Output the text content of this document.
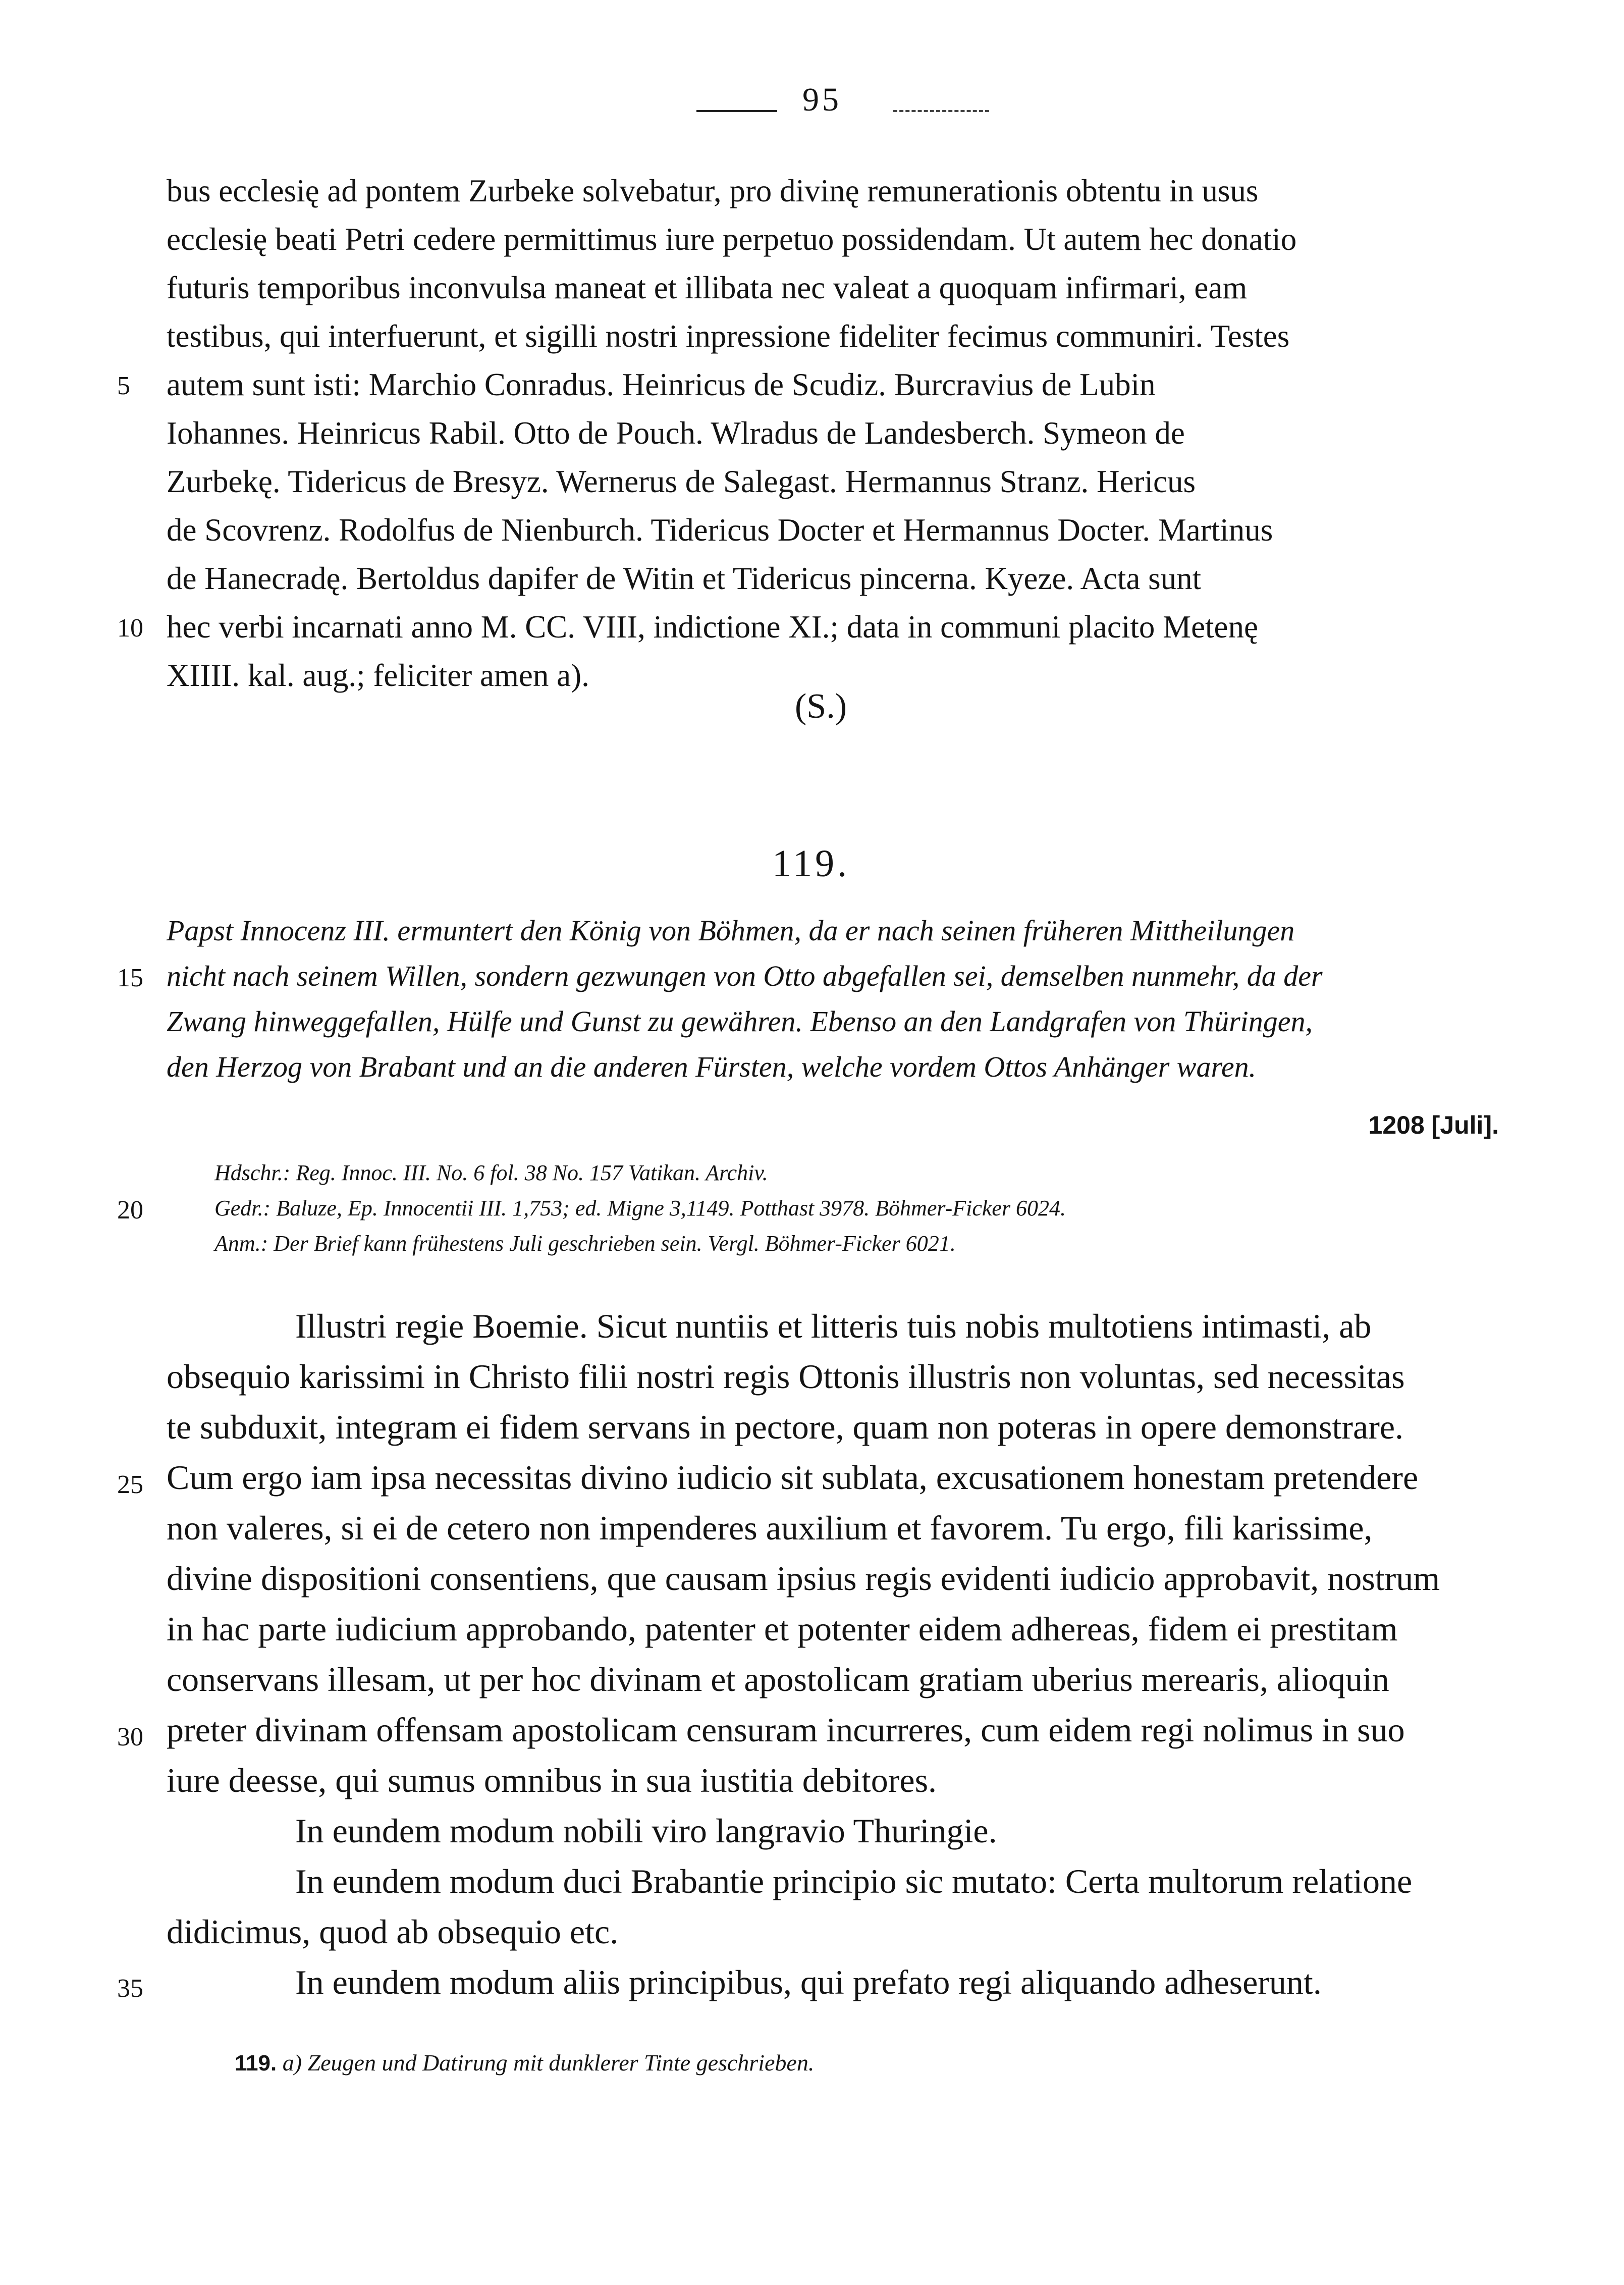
95
bus ecclesię ad pontem Zurbeke solvebatur, pro divinę remunerationis obtentu in usus
ecclesię beati Petri cedere permittimus iure perpetuo possidendam. Ut autem hec donatio
futuris temporibus inconvulsa maneat et illibata nec valeat a quoquam infirmari, eam
testibus, qui interfuerunt, et sigilli nostri inpressione fideliter fecimus communiri. Testes
5 autem sunt isti: Marchio Conradus. Heinricus de Scudiz. Burcravius de Lubin
Iohannes. Heinricus Rabil. Otto de Pouch. Wlradus de Landesberch. Symeon de
Zurbekę. Tidericus de Bresyz. Wernerus de Salegast. Hermannus Stranz. Hericus
de Scovrenz. Rodolfus de Nienburch. Tidericus Docter et Hermannus Docter. Martinus
de Hanecradę. Bertoldus dapifer de Witin et Tidericus pincerna. Kyeze. Acta sunt
10 hec verbi incarnati anno M. CC. VIII, indictione XI.; data in communi placito Metenę
XIIII. kal. aug.; feliciter amen a).
(S.)
119.
Papst Innocenz III. ermuntert den König von Böhmen, da er nach seinen früheren Mittheilungen
15 nicht nach seinem Willen, sondern gezwungen von Otto abgefallen sei, demselben nunmehr, da der
Zwang hinweggefallen, Hülfe und Gunst zu gewähren. Ebenso an den Landgrafen von Thüringen,
den Herzog von Brabant und an die anderen Fürsten, welche vordem Ottos Anhänger waren.
1208 [Juli].
Hdschr.: Reg. Innoc. III. No. 6 fol. 38 No. 157 Vatikan. Archiv.
20	Gedr.: Baluze, Ep. Innocentii III. 1,753; ed. Migne 3,1149. Potthast 3978. Böhmer-Ficker 6024.
Anm.: Der Brief kann frühestens Juli geschrieben sein. Vergl. Böhmer-Ficker 6021.
Illustri regie Boemie. Sicut nuntiis et litteris tuis nobis multotiens intimasti, ab
obsequio karissimi in Christo filii nostri regis Ottonis illustris non voluntas, sed necessitas
te subduxit, integram ei fidem servans in pectore, quam non poteras in opere demonstrare.
25 Cum ergo iam ipsa necessitas divino iudicio sit sublata, excusationem honestam pretendere
non valeres, si ei de cetero non impenderes auxilium et favorem. Tu ergo, fili karissime,
divine dispositioni consentiens, que causam ipsius regis evidenti iudicio approbavit, nostrum
in hac parte iudicium approbando, patenter et potenter eidem adhereas, fidem ei prestitam
conservans illesam, ut per hoc divinam et apostolicam gratiam uberius merearis, alioquin
30 preter divinam offensam apostolicam censuram incurreres, cum eidem regi nolimus in suo
iure deesse, qui sumus omnibus in sua iustitia debitores.
In eundem modum nobili viro langravio Thuringie.
In eundem modum duci Brabantie principio sic mutato: Certa multorum relatione
didicimus, quod ab obsequio etc.
35	In eundem modum aliis principibus, qui prefato regi aliquando adheserunt.
119. a) Zeugen und Datirung mit dunklerer Tinte geschrieben.
